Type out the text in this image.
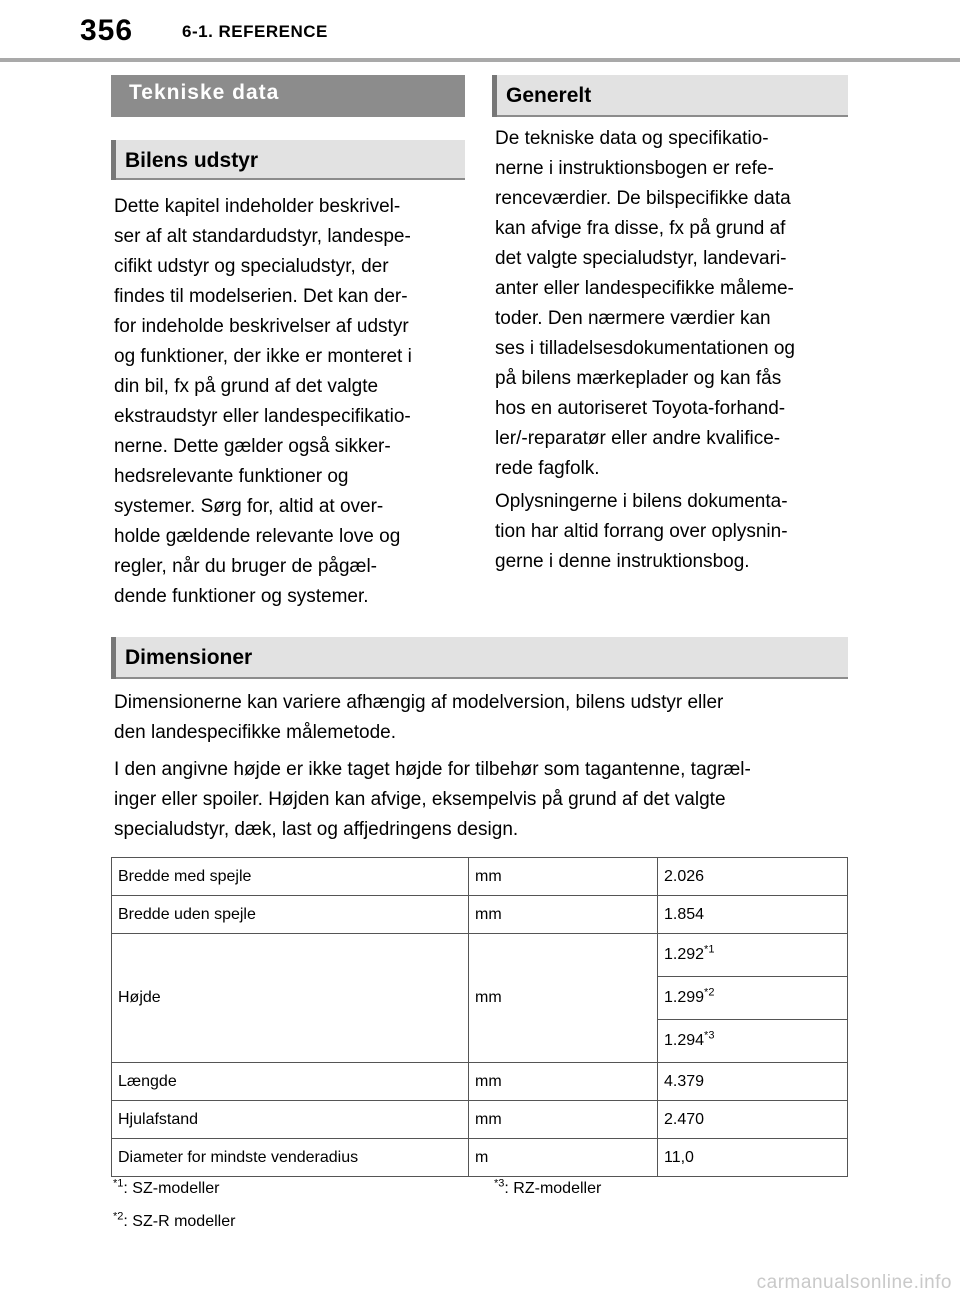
356	6-1. REFERENCE
Tekniske data
Bilens udstyr
Dette kapitel indeholder beskrivel-
ser af alt standardudstyr, landespe-
cifikt udstyr og specialudstyr, der
findes til modelserien. Det kan der-
for indeholde beskrivelser af udstyr
og funktioner, der ikke er monteret i
din bil, fx på grund af det valgte
ekstraudstyr eller landespecifikatio-
nerne. Dette gælder også sikker-
hedsrelevante funktioner og
systemer. Sørg for, altid at over-
holde gældende relevante love og
regler, når du bruger de pågæl-
dende funktioner og systemer.
Generelt
De tekniske data og specifikatio-
nerne i instruktionsbogen er refe-
renceværdier. De bilspecifikke data
kan afvige fra disse, fx på grund af
det valgte specialudstyr, landevari-
anter eller landespecifikke måleme-
toder. Den nærmere værdier kan
ses i tilladelsesdokumentationen og
på bilens mærkeplader og kan fås
hos en autoriseret Toyota-forhand-
ler/-reparatør eller andre kvalifice-
rede fagfolk.
Oplysningerne i bilens dokumenta-
tion har altid forrang over oplysnin-
gerne i denne instruktionsbog.
Dimensioner
Dimensionerne kan variere afhængig af modelversion, bilens udstyr eller
den landespecifikke målemetode.
I den angivne højde er ikke taget højde for tilbehør som tagantenne, tagræl-
inger eller spoiler. Højden kan afvige, eksempelvis på grund af det valgte
specialudstyr, dæk, last og affjedringens design.
Bredde med spejle	mm	2.026
Bredde uden spejle	mm	1.854
Højde	mm	1.292$^{*1}$
		1.299$^{*2}$
		1.294$^{*3}$
Længde	mm	4.379
Hjulafstand	mm	2.470
Diameter for mindste venderadius	m	11,0
$^{*1}$: SZ-modeller
$^{*2}$: SZ-R modeller
$^{*3}$: RZ-modeller
carmanualsonline.info
